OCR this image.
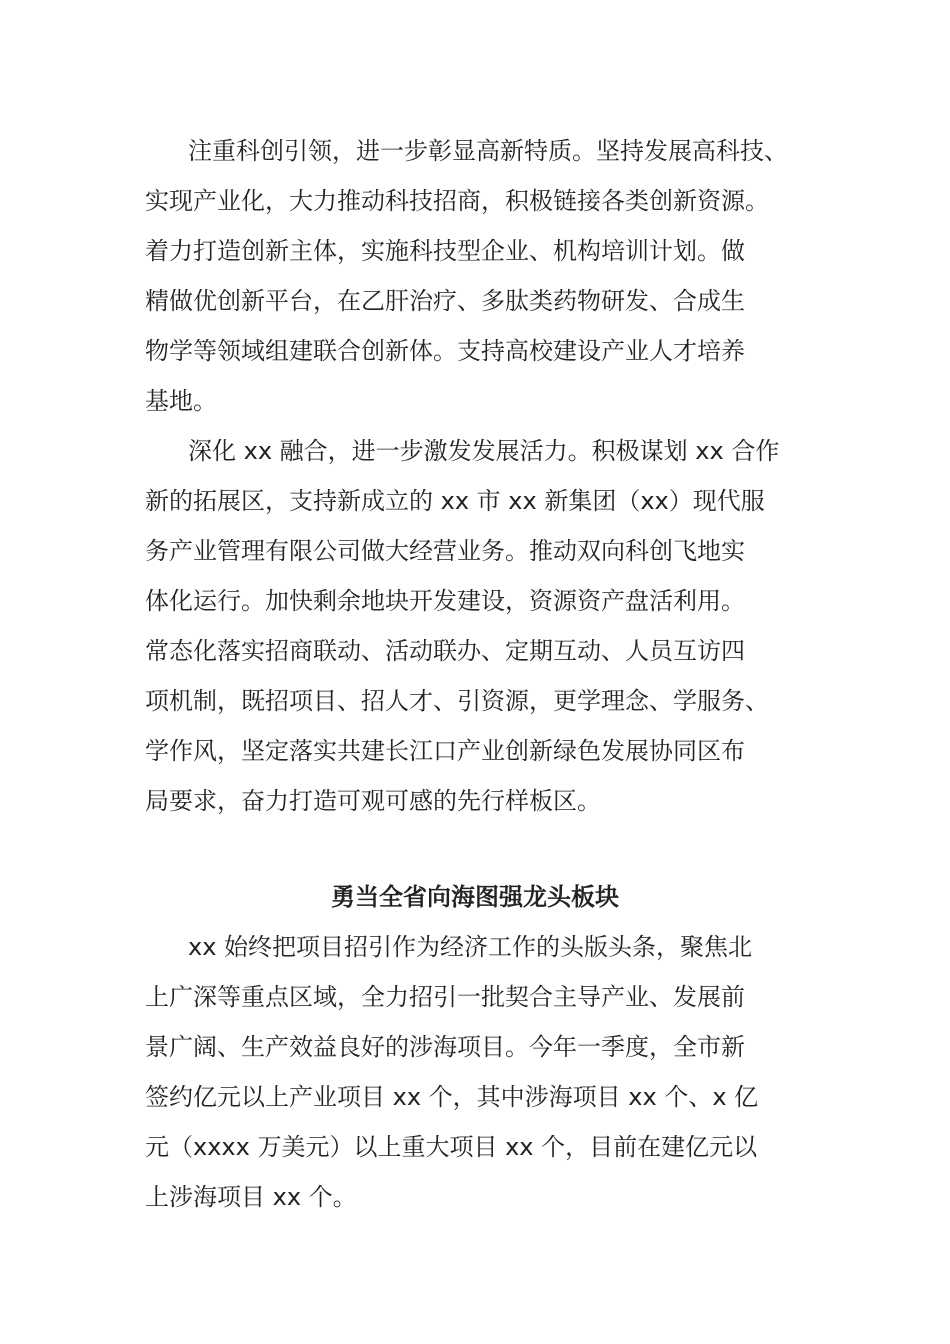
注重科创引领，进一步彰显高新特质。坚持发展高科技、
实现产业化，大力推动科技招商，积极链接各类创新资源。
着力打造创新主体，实施科技型企业、机构培训计划。做
精做优创新平台，在乙肝治疗、多肽类药物研发、合成生
物学等领域组建联合创新体。支持高校建设产业人才培养
基地。
深化 xx 融合，进一步激发发展活力。积极谋划 xx 合作
新的拓展区，支持新成立的 xx 市 xx 新集团（xx）现代服
务产业管理有限公司做大经营业务。推动双向科创飞地实
体化运行。加快剩余地块开发建设，资源资产盘活利用。
常态化落实招商联动、活动联办、定期互动、人员互访四
项机制，既招项目、招人才、引资源，更学理念、学服务、
学作风，坚定落实共建长江口产业创新绿色发展协同区布
局要求，奋力打造可观可感的先行样板区。
勇当全省向海图强龙头板块
xx 始终把项目招引作为经济工作的头版头条，聚焦北
上广深等重点区域，全力招引一批契合主导产业、发展前
景广阔、生产效益良好的涉海项目。今年一季度，全市新
签约亿元以上产业项目 xx 个，其中涉海项目 xx 个、x 亿
元（xxxx 万美元）以上重大项目 xx 个，目前在建亿元以
上涉海项目 xx 个。
